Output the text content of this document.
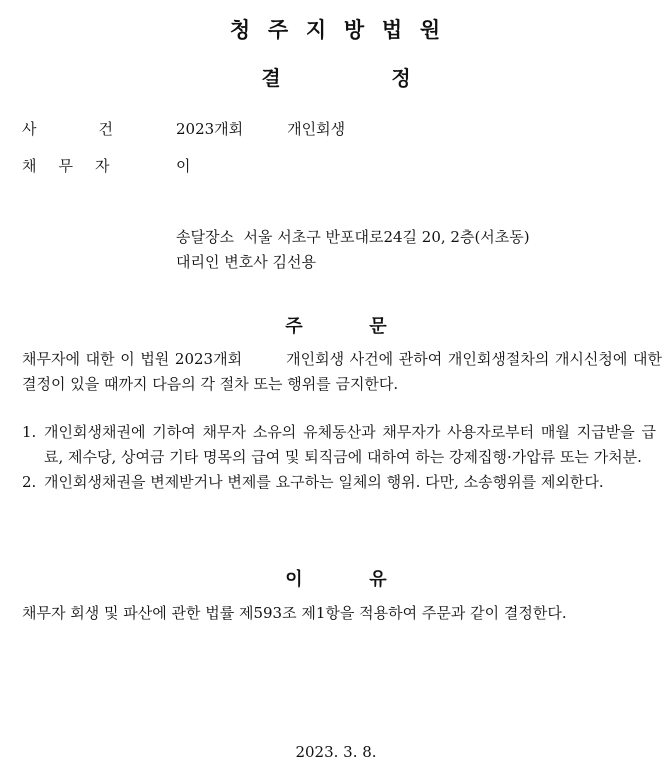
청 주 지 방 법 원
결	정
사	건	2023개회	개인회생
채 무 자	이
송달장소  서울 서초구 반포대로24길 20, 2층(서초동)
대리인 변호사 김선용
주	문
채무자에 대한 이 법원 2023개회	개인회생 사건에 관하여 개인회생절차의 개시신청에 대한 결정이 있을 때까지 다음의 각 절차 또는 행위를 금지한다.
1. 개인회생채권에 기하여 채무자 소유의 유체동산과 채무자가 사용자로부터 매월 지급받을 급료, 제수당, 상여금 기타 명목의 급여 및 퇴직금에 대하여 하는 강제집행·가압류 또는 가처분.
2. 개인회생채권을 변제받거나 변제를 요구하는 일체의 행위. 다만, 소송행위를 제외한다.
이	유
채무자 회생 및 파산에 관한 법률 제593조 제1항을 적용하여 주문과 같이 결정한다.
2023. 3. 8.
